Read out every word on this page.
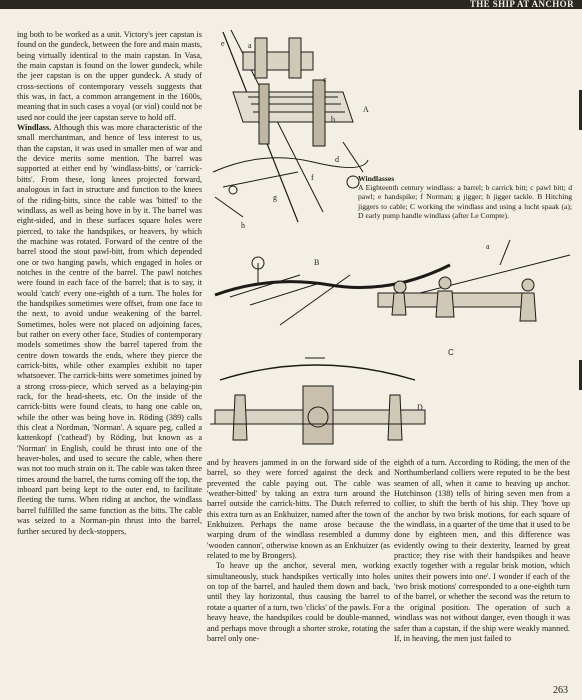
THE SHIP AT ANCHOR

ing both to be worked as a unit. Victory's jeer capstan is found on the gundeck, between the fore and main masts, being virtually identical to the main capstan. In Vasa, the main capstan is found on the lower gundeck, while the jeer capstan is on the upper gundeck. A study of cross-sections of contemporary vessels suggests that this was, in fact, a common arrangement in the 1600s, meaning that in such cases a voyal (or viol) could not be used nor could the jeer capstan serve to hold off.

Windlass. Although this was more characteristic of the small merchantman, and hence of less interest to us, than the capstan, it was used in smaller men of war and the device merits some mention. The barrel was supported at either end by 'windlass-bitts', or 'carrick-bitts'. From these, long knees projected forward, analogous in fact in structure and function to the knees of the riding-bitts, since the cable was 'bitted' to the windlass, as well as being hove in by it. The barrel was eight-sided, and in these surfaces square holes were pierced, to take the handspikes, or heavers, by which the machine was rotated. Forward of the centre of the barrel stood the stout pawl-bitt, from which depended one or two hanging pawls, which engaged in holes or notches in the centre of the barrel. The pawl notches were found in each face of the barrel; that is to say, it would 'catch' every one-eighth of a turn. The holes for the handspikes sometimes were offset, from one face to the next, to avoid undue weakening of the barrel. Sometimes, holes were not placed on adjoining faces, but rather on every other face, Studies of contemporary models sometimes show the barrel tapered from the centre down towards the ends, where they pierce the carrick-bitts, while other examples exhibit no taper whatsoever. The carrick-bitts were sometimes joined by a strong cross-piece, which served as a belaying-pin rack, for the head-sheets, etc. On the inside of the carrick-bitts were found cleats, to hang one cable on, while the other was being hove in. Röding (389) calls this cleat a Nordman, 'Norman'. A square peg, called a kattenkopf ('cathead') by Röding, but known as a 'Norman' in English, could be thrust into one of the heaver-holes, and used to secure the cable, when there was not too much strain on it. The cable was taken three times around the barrel, the turns coming off the top, the inboard part being kept to the outer end, to facilitate fleeting the turns. When riding at anchor, the windlass barrel fulfilled the same function as the bitts. The cable was seized to a Norman-pin thrust into the barrel, further secured by deck-stoppers,

a
c
b
e
d
f
g
h
A
Windlasses
A Eighteenth century windlass: a barrel; b carrick bitt; c pawl bitt; d pawl; e handspike; f Norman; g jigger; h jigger tackle. B Hitching jiggers to cable; C working the windlass and using a lucht spaak (a); D early pump handle windlass (after Le Compte).
B
a
C
D

and by heavers jammed in on the forward side of the barrel, so they were forced against the deck and prevented the cable paying out. The cable was 'weather-bitted' by taking an extra turn around the barrel outside the carrick-bitts. The Dutch referred to this extra turn as an Enkhuizer, named after the town of Enkhuizen. Perhaps the name arose because the warping drum of the windlass resembled a dummy 'wooden cannon', otherwise known as an Enkhuizer (as related to me by Brongers).

To heave up the anchor, several men, working simultaneously, stuck handspikes vertically into holes on top of the barrel, and hauled them down and back, until they lay horizontal, thus causing the barrel to rotate a quarter of a turn, two 'clicks' of the pawls. For a heavy heave, the handspikes could be double-manned, and perhaps move through a shorter stroke, rotating the barrel only one-

eighth of a turn. According to Röding, the men of the Northumberland colliers were reputed to be the best seamen of all, when it came to heaving up anchor. Hutchinson (138) tells of hiring seven men from a collier, to shift the berth of his ship. They 'hove up the anchor by two brisk motions, for each square of the windlass, in a quarter of the time that it used to be done by eighteen men, and this difference was evidently owing to their dexterity, learned by great practice; they rise with their handspikes and heave exactly together with a regular brisk motion, which unites their powers into one'. I wonder if each of the 'two brisk motions' corresponded to a one-eighth turn of the barrel, or whether the second was the return to the original position. The operation of such a windlass was not without danger, even though it was safer than a capstan, if the ship were weakly manned. If, in heaving, the men just failed to

263
